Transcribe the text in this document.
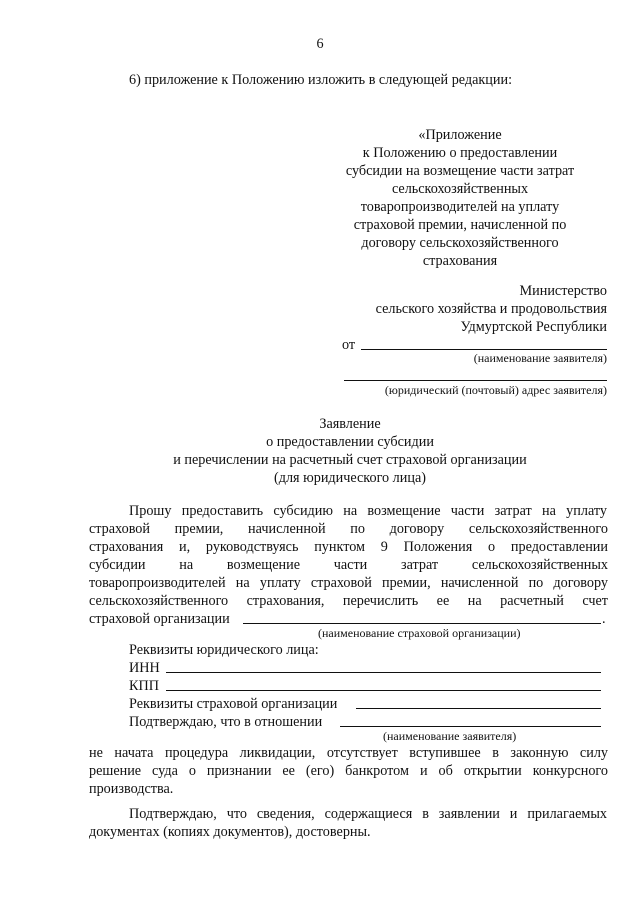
6
6) приложение к Положению изложить в следующей редакции:
«Приложение
к Положению о предоставлении
субсидии на возмещение части затрат
сельскохозяйственных
товаропроизводителей на уплату
страховой премии, начисленной по
договору сельскохозяйственного
страхования
Министерство
сельского хозяйства и продовольствия
Удмуртской Республики
от
(наименование заявителя)
(юридический (почтовый) адрес заявителя)
Заявление
о предоставлении субсидии
и перечислении на расчетный счет страховой организации
(для юридического лица)
Прошу предоставить субсидию на возмещение части затрат на уплату
страховой премии, начисленной по договору сельскохозяйственного
страхования и, руководствуясь пунктом 9 Положения о предоставлении
субсидии на возмещение части затрат сельскохозяйственных
товаропроизводителей на уплату страховой премии, начисленной по договору
сельскохозяйственного страхования, перечислить ее на расчетный счет
страховой организации	.
(наименование страховой организации)
Реквизиты юридического лица:
ИНН
КПП
Реквизиты страховой организации
Подтверждаю, что в отношении
(наименование заявителя)
не начата процедура ликвидации, отсутствует вступившее в законную силу
решение суда о признании ее (его) банкротом и об открытии конкурсного
производства.
Подтверждаю, что сведения, содержащиеся в заявлении и прилагаемых
документах (копиях документов), достоверны.
